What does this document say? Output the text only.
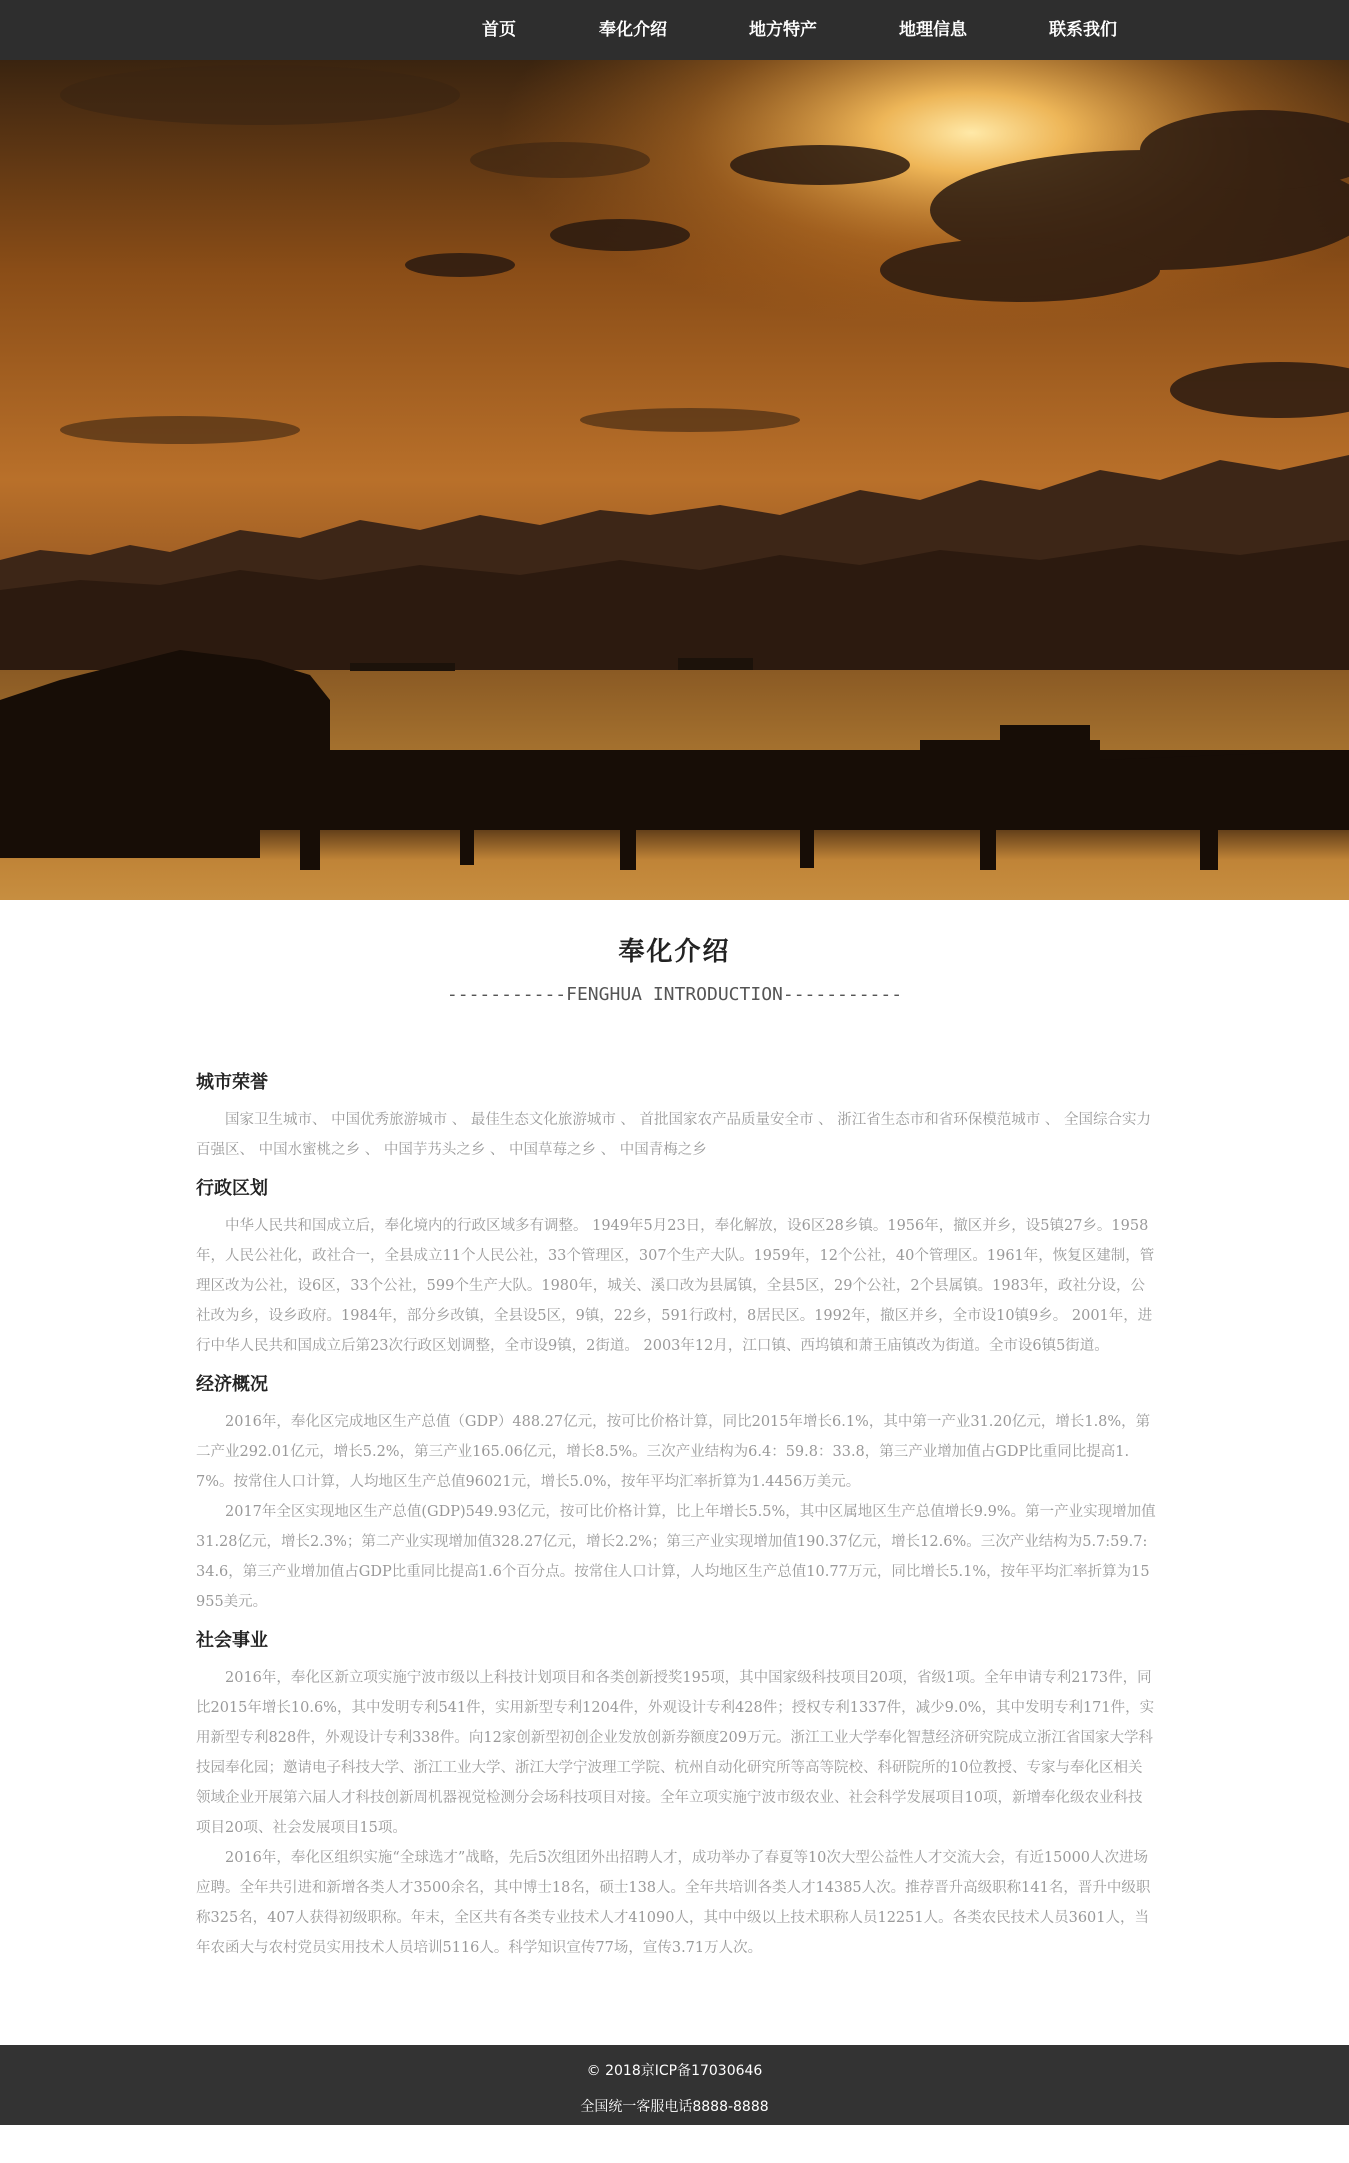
首页	奉化介绍	地方特产	地理信息	联系我们
奉化介绍
-----------FENGHUA INTRODUCTION-----------
城市荣誉

国家卫生城市、 中国优秀旅游城市 、 最佳生态文化旅游城市 、 首批国家农产品质量安全市 、 浙江省生态市和省环保模范城市 、 全国综合实力百强区、 中国水蜜桃之乡 、 中国芋艿头之乡 、 中国草莓之乡 、 中国青梅之乡

行政区划

中华人民共和国成立后，奉化境内的行政区域多有调整。 1949年5月23日，奉化解放，设6区28乡镇。1956年，撤区并乡，设5镇27乡。1958年，人民公社化，政社合一，全县成立11个人民公社，33个管理区，307个生产大队。1959年，12个公社，40个管理区。1961年，恢复区建制，管理区改为公社，设6区，33个公社，599个生产大队。1980年，城关、溪口改为县属镇，全县5区，29个公社，2个县属镇。1983年，政社分设，公社改为乡，设乡政府。1984年，部分乡改镇，全县设5区，9镇，22乡，591行政村，8居民区。1992年，撤区并乡，全市设10镇9乡。 2001年，进行中华人民共和国成立后第23次行政区划调整，全市设9镇，2街道。 2003年12月，江口镇、西坞镇和萧王庙镇改为街道。全市设6镇5街道。

经济概况

2016年，奉化区完成地区生产总值（GDP）488.27亿元，按可比价格计算，同比2015年增长6.1%，其中第一产业31.20亿元，增长1.8%，第二产业292.01亿元，增长5.2%，第三产业165.06亿元，增长8.5%。三次产业结构为6.4：59.8：33.8，第三产业增加值占GDP比重同比提高1.7%。按常住人口计算，人均地区生产总值96021元，增长5.0%，按年平均汇率折算为1.4456万美元。

2017年全区实现地区生产总值(GDP)549.93亿元，按可比价格计算，比上年增长5.5%，其中区属地区生产总值增长9.9%。第一产业实现增加值31.28亿元，增长2.3%；第二产业实现增加值328.27亿元，增长2.2%；第三产业实现增加值190.37亿元，增长12.6%。三次产业结构为5.7:59.7:34.6，第三产业增加值占GDP比重同比提高1.6个百分点。按常住人口计算，人均地区生产总值10.77万元，同比增长5.1%，按年平均汇率折算为15955美元。

社会事业

2016年，奉化区新立项实施宁波市级以上科技计划项目和各类创新授奖195项，其中国家级科技项目20项，省级1项。全年申请专利2173件，同比2015年增长10.6%，其中发明专利541件，实用新型专利1204件，外观设计专利428件；授权专利1337件，减少9.0%，其中发明专利171件，实用新型专利828件，外观设计专利338件。向12家创新型初创企业发放创新券额度209万元。浙江工业大学奉化智慧经济研究院成立浙江省国家大学科技园奉化园；邀请电子科技大学、浙江工业大学、浙江大学宁波理工学院、杭州自动化研究所等高等院校、科研院所的10位教授、专家与奉化区相关领域企业开展第六届人才科技创新周机器视觉检测分会场科技项目对接。全年立项实施宁波市级农业、社会科学发展项目10项，新增奉化级农业科技项目20项、社会发展项目15项。

2016年，奉化区组织实施“全球选才”战略，先后5次组团外出招聘人才，成功举办了春夏等10次大型公益性人才交流大会，有近15000人次进场应聘。全年共引进和新增各类人才3500余名，其中博士18名，硕士138人。全年共培训各类人才14385人次。推荐晋升高级职称141名，晋升中级职称325名，407人获得初级职称。年末，全区共有各类专业技术人才41090人，其中中级以上技术职称人员12251人。各类农民技术人员3601人，当年农函大与农村党员实用技术人员培训5116人。科学知识宣传77场，宣传3.71万人次。

© 2018京ICP备17030646
全国统一客服电话8888-8888
